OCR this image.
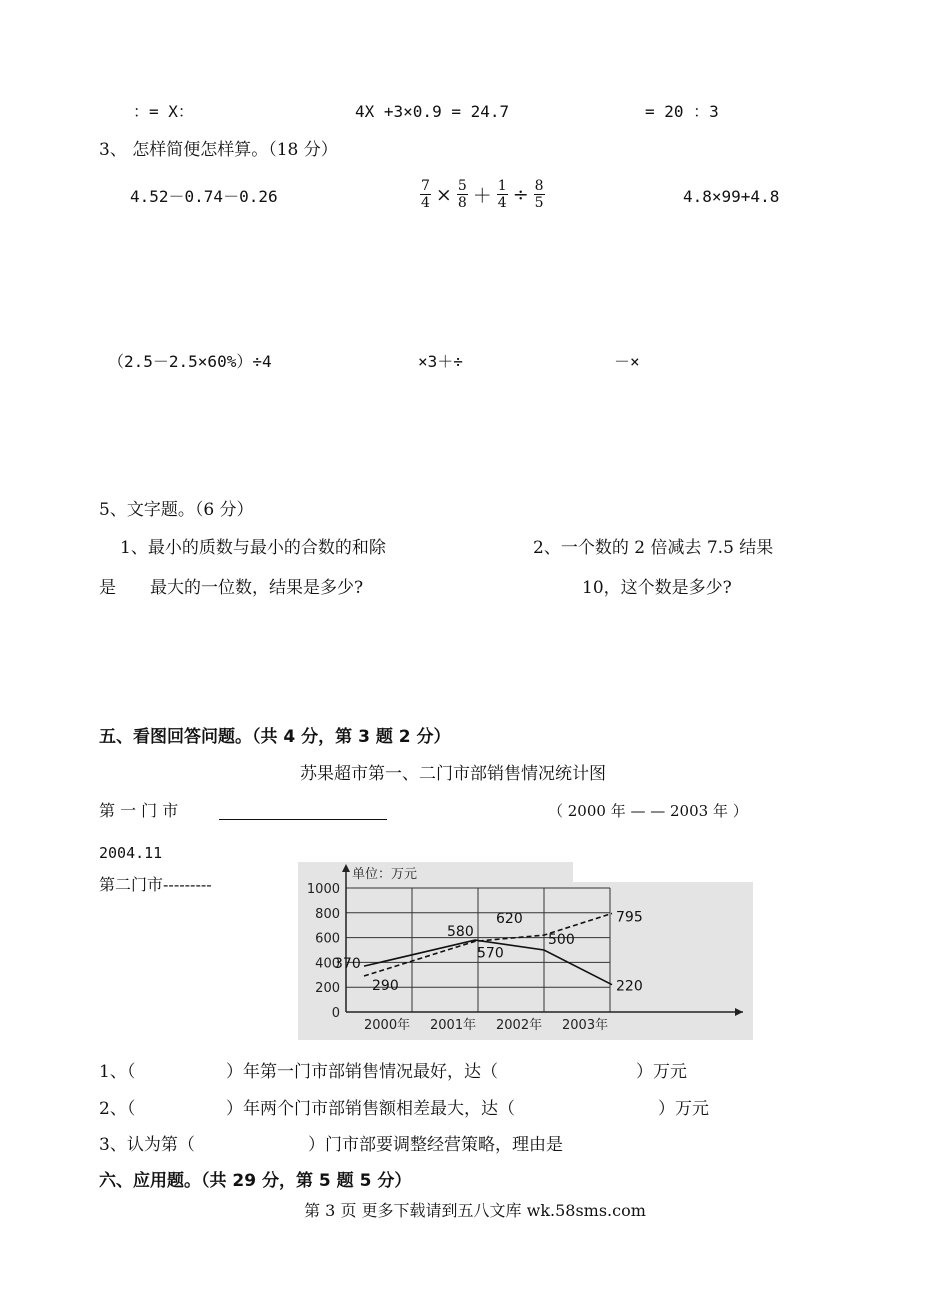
：= X：	4X +3×0.9 = 24.7	= 20 ：3
3、 怎样简便怎样算。（18 分）
4.52－0.74－0.26	$\frac{7}{4} \times \frac{5}{8} + \frac{1}{4} \div \frac{8}{5}$	4.8×99+4.8
（2.5－2.5×60%）÷4	×3＋÷	－×
5、文字题。（6 分）
1、最小的质数与最小的合数的和除	2、一个数的 2 倍减去 7.5 结果
是 最大的一位数，结果是多少?	10，这个数是多少?
五、看图回答问题。（共 4 分，第 3 题 2 分）
苏果超市第一、二门市部销售情况统计图
第 一 门 市	（ 2000 年 — — 2003 年 ）
2004.11
第二门市---------
0
200
400
600
800
1000
单位：万元
2000年 2001年 2002年 2003年
370
580	500
220
290
570
620	795
1、（	）年第一门市部销售情况最好，达（	）万元
2、（	）年两个门市部销售额相差最大，达（	）万元
3、认为第（	）门市部要调整经营策略，理由是
六、应用题。（共 29 分，第 5 题 5 分）
第 3 页 更多下载请到五八文库 wk.58sms.com
